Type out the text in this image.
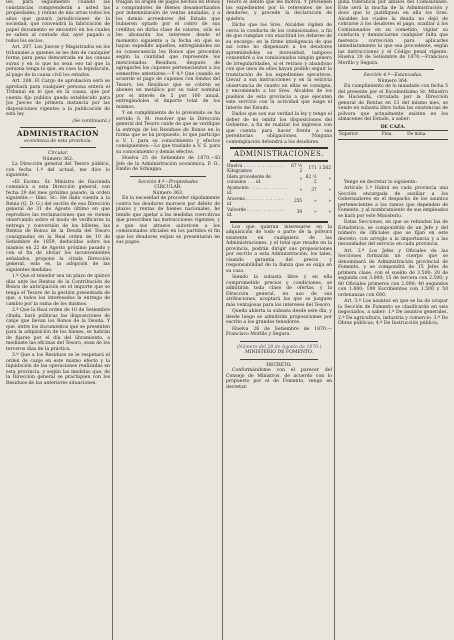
les, para seguimiento cuando las constancias comprenderán a usted las propiedades, y rentas de mis arras todos los años que gozará jurisdicciones de la sociedad, que convendrá la fabricación de papel documento se encontró en los cuales se saben al contado dar, ayer pagado a todos los socios.

Art. 207. Los Jueces y Magistrados en los tribunales a quienes se les den de cualquier forma para pena demostrada en las causas suyas y en lo que no sean eso tal que la persona tenga lo que, en caso la legislación, al pago de la causa civil los estados.

Art. 208. El Cargo de aprobación será se aprobará para cualquier persona entera el Tribunal en lo que en la causa, que por cuenta fijo publica queda establecido para Jos Jueces de primera instancia por las disposiciones vigentes a la publicación de esta ley.

(Se continuará.)
ADMINISTRACION
económica de esta provincia.
Circular.
Número 362.

La Dirección general del Tesoro público, con fecha 1.º del actual, me dice lo siguiente:

«El Excmo. Sr. Ministro de Hacienda comunica a esta Dirección general, con fecha 29 del mes próximo pasado, la orden siguiente.— Ilmo. Sr.: He dado cuenta a la Reina (Q. D. G.) del escrito de esa Dirección general de 31 de Agosto último en que reproduce las reclamaciones que se vienen observando sobre el modo de verificarse la entrega y conversión de los billetes, las Rentas de Bonos de la Deuda del Tesoro consignadas en la Real orden de 10 de Setiembre de 1859, deducidas sobre los mismos en 22 de Agosto próximo pasado y con el fin de obviar los inconvenientes señalados, propone la citada Dirección general, esto es, la adopción de las siguientes medidas:

1.º Que el tenedor sea un plazo de quince días ante los Rentas de la Contribución de Bonos de anticipación en el importe que se tenga el Tesoro de la gestión presentada de que, a todos los interesados la entrega de cambio por la suma de los mismos.

2.º Que la Real orden de 10 de Setiembre citada, hará públicas las disposiciones de canje que llevan los Bonos de la Deuda. Y que, entre los documentos que se presenten para la adquisición de los bienes, se habrán de fijarse por el día del libramiento, a mediante las oficinas del Tesoro, sean de los terceros días de la práctica.

3.º Que a los Residuos se le respetará el orden de canje en este mismo efecto y la liquidación de las operaciones realizadas en esta provincia, y según las medidas que, de la Dirección general se practiquen con los Residuos de las anteriores situaciones.

traigan su origen de pagos hechos en Bonos a compradores de Bienes desamortizados por indemnización de ventas anuladas, y a los demás acreedores del Estado que hubieren optado por el cobro de sus créditos en dicha clase de valores, sólo se les abonarán los intereses desde el momento siguiente a la fecha en que se hayan expedido aquellos, entregándoles en su consecuencia los Bonos que procedan según la cantidad que represente los mencionados Residuos, después de agregarles los cupones pertenecientes a los semestres anteriores.—Y 4.º Que cuando se acuerde el pago de cupones con fondos del Tesoro, los Residuos que se cobren se abonen en metálico por su valor nominal por el interés de 5 por 100 anual, entregándoles el importe total de los mismos.

Y en cumplimiento de lo prevenido se ha servido S. M. resolver que la Dirección general del Tesoro cuide de que se verifique la entrega de los Residuos de Bonos en la forma que se ha propuesto, lo que participo a V. I. para su conocimiento y efectos consiguientes.—Lo que traslado a V. S. para su conocimiento y demás efectos.

Huelva 25 de Setiembre de 1870.—El Jefe de la Administración económica, P. O., Emilio de Schiappa.

Sección 4.ª—Propiedades
CIRCULAR.
Número 363.

En la necesidad de proceder rápidamente contra los deudores morosos por débito de plazos y rentas de bienes nacionales, he tenido que apelar a las medidas coercitivas que prescriben las instrucciones vigentes, y a que sus atrasos autoricen a los comisionados oficiales en los partidos el fin que los deudores exijan se presentaran en sus pagos.

Tesoro el débito que les motiva. Y previenen los expedientes por lo referentes de los deudores, y procede la declaración de quiebra.

Dicho que los Sres. Alcaldes vigilen de cerca la conducta de los comisionados, a fin de que cumplan con exactitud los deberes de su encargo; en la firme inteligencia de que así como no dispensaré a los deudores apremiándoles su morosidad, tampoco consentiré a los comisionados ningún género de irregularidades, si el retraso y abandono con que unos de ellos hayan podido seguir la tramitación de los expedientes ejecutivos. Llevar a sus instrucciones y en la estricta observancia de cuanto en ellas se consigna, y encomiendo a los Sres. Alcaldes de los pueblos de esta provincia a que ejecuten este servicio con la actividad que exige el interés del Estado.

Dados que son sus verdad la ley y tengo el deber de no omitir los disposiciones del Gobierno, a fin de realizar los ingresos con que cuenta para hacer frente a sus perentorias obligaciones. Ninguna contemplación detendrá a los deudores.

ADMINISTRACIONES.
Huelva . . . . . . . . . . . . . . . Kilogramos	67 ½ 2	171	1.562
Idem procedente de consumo . . . id.	»	62 ½ 2	»
Ayamonte . . . . . . . . . . . . . . id.	»	37	»
Aracena . . . . . . . . . . . . . . id.	255	»	»
Valverde . . . . . . . . . . . . . . id.	30	»	»

Los que quieran interesarse en la adquisición de todo o parte de la pólvora existente en cualquiera de las Administraciones, y el total que resulte en la provincia, podrán dirigir sus proposiciones por escrito a esta Administración, los tales, visando garantía del precio y responsabilidad de la fianza que se exija en su caso.

Siendo la subasta libre y en ella comprometido precios y condiciones, se admitirán toda clase de ofertas, y la Dirección general, en uso de sus atribuciones, aceptará las que se juzguen más ventajosas para los intereses del Tesoro.

Queda abierta la subasta desde este día, y desde luego se admitirán proposiciones por escrito a los grandes tenedores.

Huelva 26 de Setiembre de 1870.—Francisco Morillo y Segura.

(Número del 28 de Agosto de 1870.)
MINISTERIO DE FOMENTO.
DECRETO.

Conformándome con el parecer del Consejo de Ministros, de acuerdo con lo propuesto por el de Fomento, vengo en decretar:

guna tolerancia por abusos del Comisionado. Este será la mucha de la Administración y doce que lo justifiquen en ella los Sres. Alcaldes los cuales la deuda no dejó de cobrarse á los deudores el pago, auxiliar á los Comisionados en su cometido, vigilar su conducta y denunciarme cualquier falta que merezca corrección para aplicarles inmediatamente la que sea procedente, según las instrucciones y el Código penal vigente. Huelva 29 de Setiembre de 1870.—Francisco Morillo y Segura.

Sección 4.ª—Estancadas.
Número 364.

En cumplimiento de lo mandado con fecha 5 del presente por el Excelentísimo Sr. Ministro de Hacienda, circulada por la Dirección general de Rentas en 13 del mismo mes, se vende en subasta libre todas las existencias de pólvora que actualmente existen en los almacenes del Estado, a saber:

DE CAZA.
Superior.	Fina.	De mina.

Vengo en decretar lo siguiente:

Artículo 1.º Habrá en cada provincia una Sección encargada de auxiliar a los Gobernadores en el despacho de los asuntos pertenecientes a los ramos que dependen de Fomento, y al nombramiento de sus empleados se hará por este Ministerio.

Estas Secciones, en que se refunden las de Estadística, se compondrán de un Jefe y del número de Oficiales que se fijan en este decreto, con arreglo a la importancia y a las necesidades del servicio en cada provincia.

Art. 2.º Los Jefes y Oficiales de las Secciones formarán un cuerpo que se denominará de Administración provincial de Fomento, y se compondrá de 15 Jefes de primera clase, con el sueldo de 3.500; 20 de segunda con 3.000; 15 de tercera con 2.500; y 80 Oficiales primeros con 2.000; 40 segundos con 1.600; 100 Escribientes con 1.500 y 50 ordenanzas con 600.

Art. 3.º Los asuntos en que se ha de ocupar la Sección de Fomento se clasificarán en seis negociados, a saber: 1.º De asuntos generales. 2.º De agricultura, industria y comercio. 3.º De Obras públicas; 4.º De Instrucción pública;
